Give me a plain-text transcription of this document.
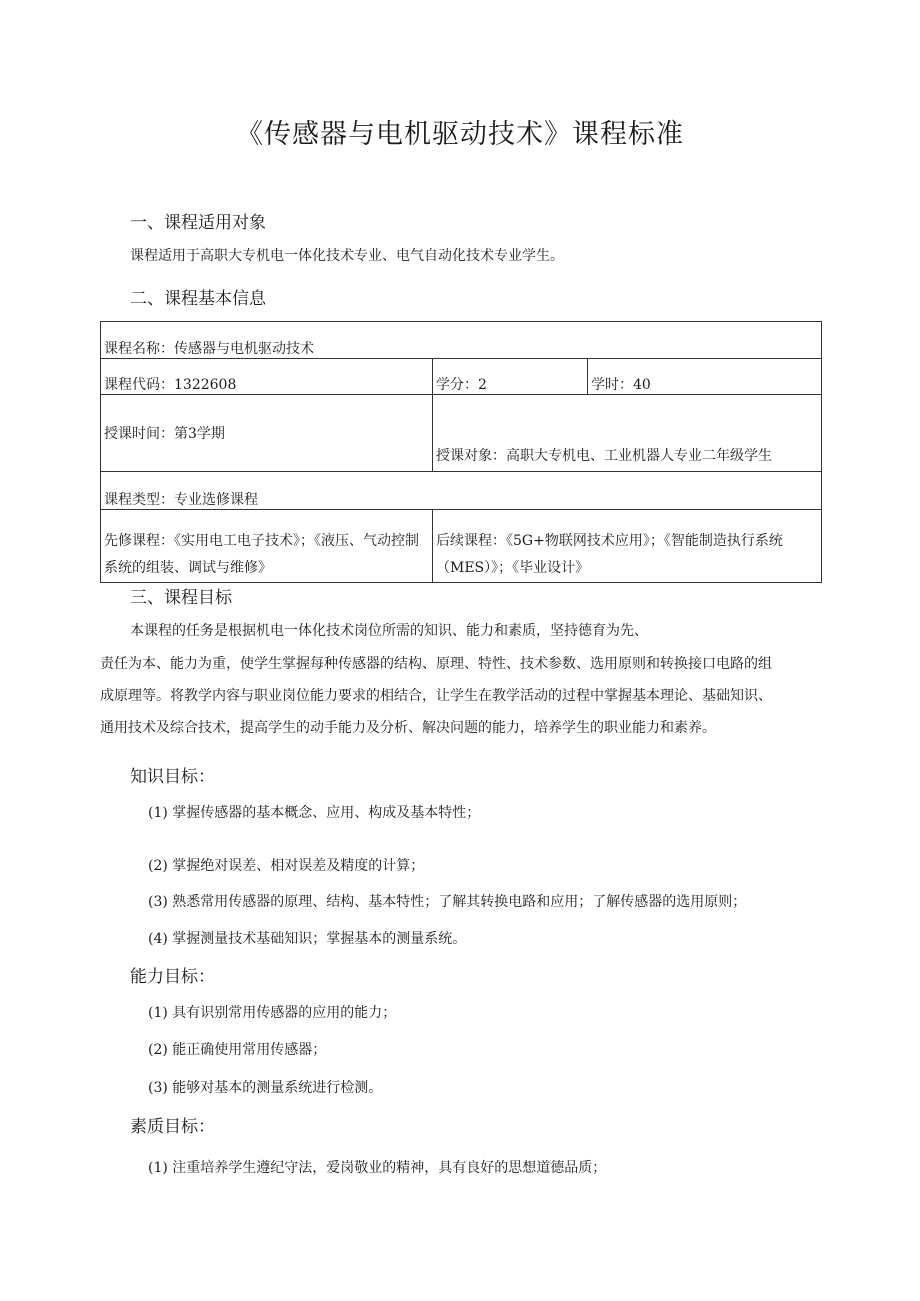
《传感器与电机驱动技术》课程标准
一、课程适用对象
课程适用于高职大专机电一体化技术专业、电气自动化技术专业学生。
二、课程基本信息
课程名称：传感器与电机驱动技术		
课程代码：1322608	学分：2	学时：40
授课时间：第3学期	授课对象：高职大专机电、工业机器人专业二年级学生	
课程类型：专业选修课程		
先修课程：《实用电工电子技术》；《液压、气动控制系统的组装、调试与维修》	后续课程：《5G+物联网技术应用》；《智能制造执行系统（MES）》；《毕业设计》	
三、课程目标
本课程的任务是根据机电一体化技术岗位所需的知识、能力和素质，坚持德育为先、
责任为本、能力为重，使学生掌握每种传感器的结构、原理、特性、技术参数、选用原则和转换接口电路的组
成原理等。将教学内容与职业岗位能力要求的相结合，让学生在教学活动的过程中掌握基本理论、基础知识、
通用技术及综合技术，提高学生的动手能力及分析、解决问题的能力，培养学生的职业能力和素养。
知识目标：
(1) 掌握传感器的基本概念、应用、构成及基本特性；
(2) 掌握绝对误差、相对误差及精度的计算；
(3) 熟悉常用传感器的原理、结构、基本特性；了解其转换电路和应用；了解传感器的选用原则；
(4) 掌握测量技术基础知识；掌握基本的测量系统。
能力目标：
(1) 具有识别常用传感器的应用的能力；
(2) 能正确使用常用传感器；
(3) 能够对基本的测量系统进行检测。
素质目标：
(1) 注重培养学生遵纪守法，爱岗敬业的精神，具有良好的思想道德品质；
